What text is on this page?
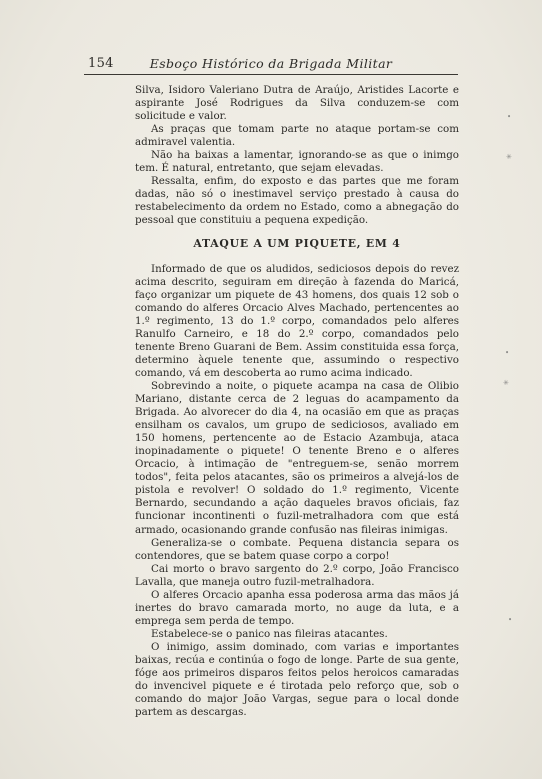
154	Esboço Histórico da Brigada Militar

Silva, Isidoro Valeriano Dutra de Araújo, Aristides Lacorte e aspirante José Rodrigues da Silva conduzem-se com solicitude e valor.

As praças que tomam parte no ataque portam-se com admiravel valentia.

Não ha baixas a lamentar, ignorando-se as que o inimgo tem. É natural, entretanto, que sejam elevadas.

Ressalta, enfim, do exposto e das partes que me foram dadas, não só o inestimavel serviço prestado à causa do restabelecimento da ordem no Estado, como a abnegação do pessoal que constituiu a pequena expedição.

ATAQUE A UM PIQUETE, EM 4

Informado de que os aludidos, sediciosos depois do revez acima descrito, seguiram em direção à fazenda do Maricá, faço organizar um piquete de 43 homens, dos quais 12 sob o comando do alferes Orcacio Alves Machado, pertencentes ao 1.º regimento, 13 do 1.º corpo, comandados pelo alferes Ranulfo Carneiro, e 18 do 2.º corpo, comandados pelo tenente Breno Guarani de Bem. Assim constituida essa força, determino àquele tenente que, assumindo o respectivo comando, vá em descoberta ao rumo acima indicado.

Sobrevindo a noite, o piquete acampa na casa de Olibio Mariano, distante cerca de 2 leguas do acampamento da Brigada. Ao alvorecer do dia 4, na ocasião em que as praças ensilham os cavalos, um grupo de sediciosos, avaliado em 150 homens, pertencente ao de Estacio Azambuja, ataca inopinadamente o piquete! O tenente Breno e o alferes Orcacio, à intimação de "entreguem-se, senão morrem todos", feita pelos atacantes, são os primeiros a alvejá-los de pistola e revolver! O soldado do 1.º regimento, Vicente Bernardo, secundando a ação daqueles bravos oficiais, faz funcionar incontinenti o fuzil-metralhadora com que está armado, ocasionando grande confusão nas fileiras inimigas.

Generaliza-se o combate. Pequena distancia separa os contendores, que se batem quase corpo a corpo!

Cai morto o bravo sargento do 2.º corpo, João Francisco Lavalla, que maneja outro fuzil-metralhadora.

O alferes Orcacio apanha essa poderosa arma das mãos já inertes do bravo camarada morto, no auge da luta, e a emprega sem perda de tempo.

Estabelece-se o panico nas fileiras atacantes.

O inimigo, assim dominado, com varias e importantes baixas, recúa e continúa o fogo de longe. Parte de sua gente, fóge aos primeiros disparos feitos pelos heroicos camaradas do invencivel piquete e é tirotada pelo reforço que, sob o comando do major João Vargas, segue para o local donde partem as descargas.

•
✳
•
✳
•
